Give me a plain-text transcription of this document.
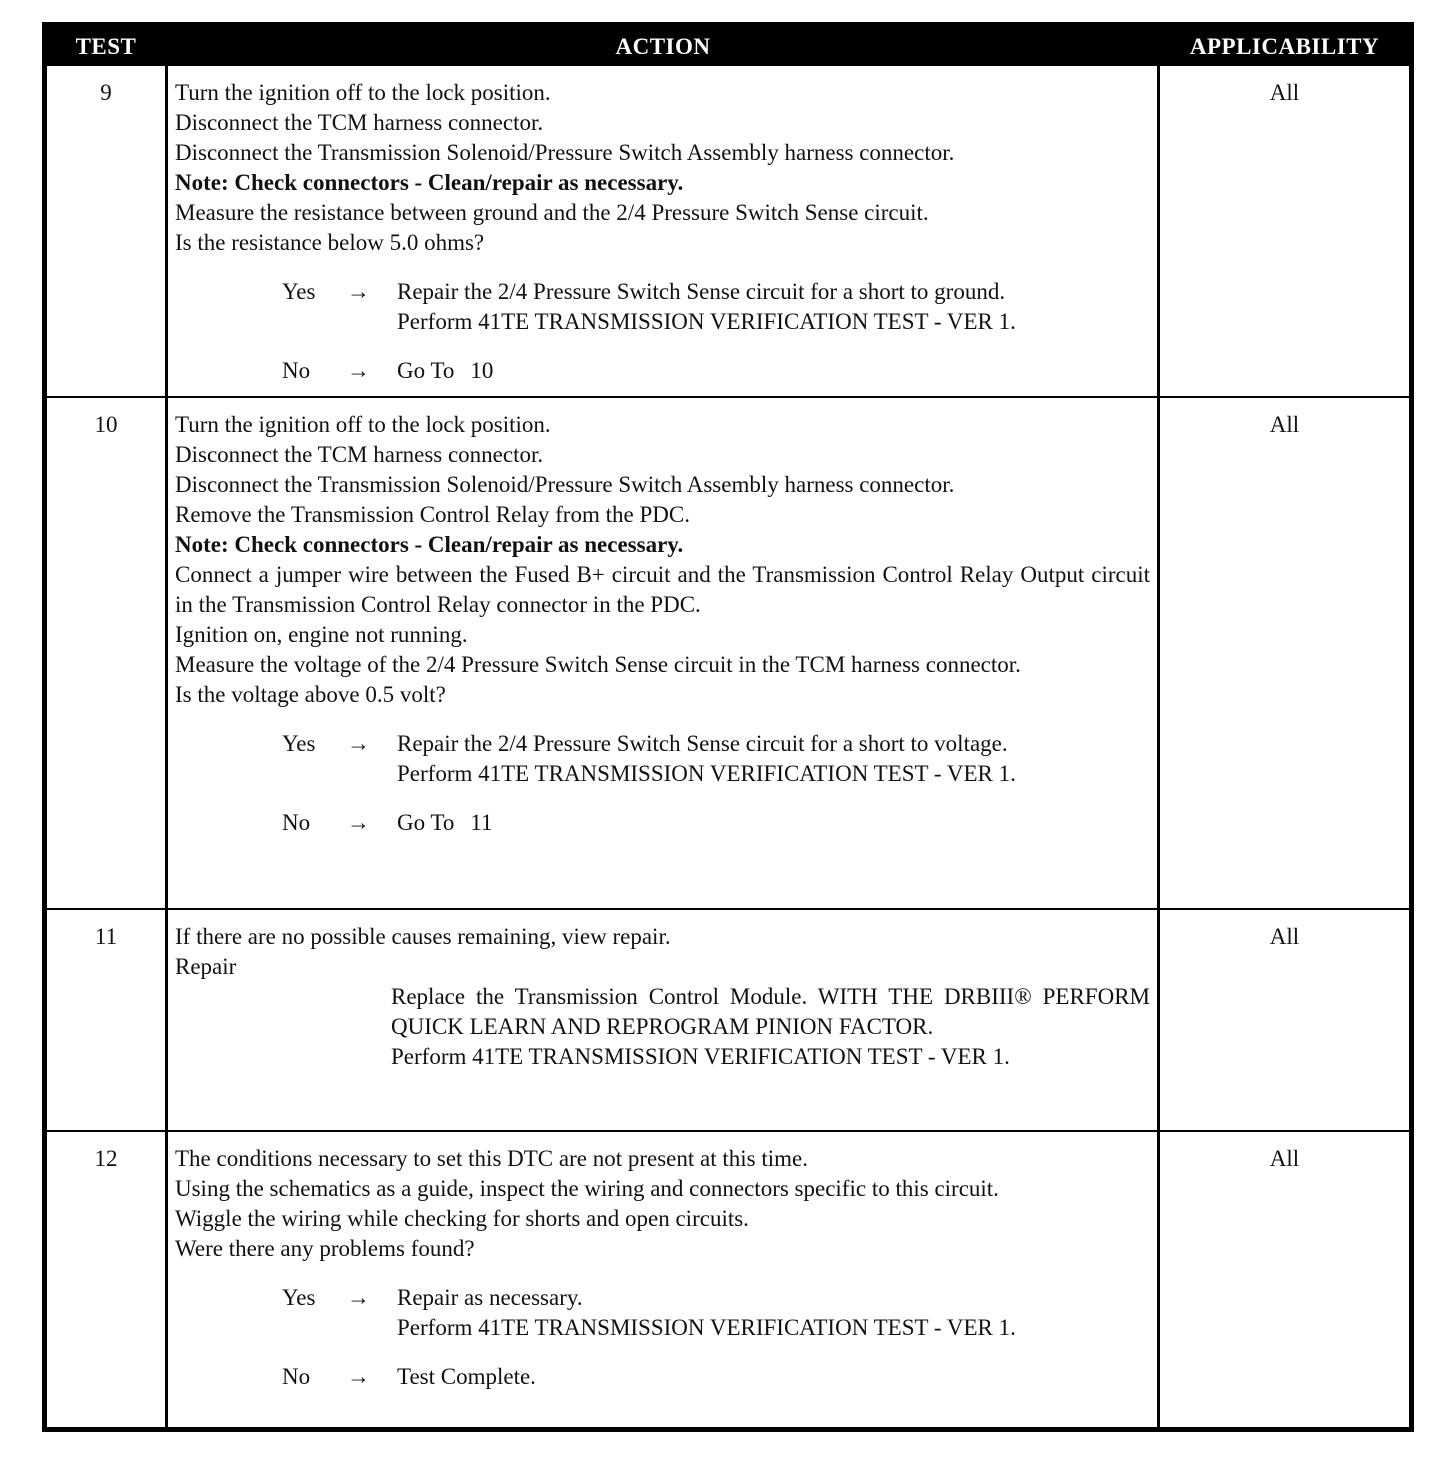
TEST	ACTION	APPLICABILITY
9	Turn the ignition off to the lock position.

Disconnect the TCM harness connector.

Disconnect the Transmission Solenoid/Pressure Switch Assembly harness connector.

Note: Check connectors - Clean/repair as necessary.

Measure the resistance between ground and the 2/4 Pressure Switch Sense circuit.

Is the resistance below 5.0 ohms?

Yes → Repair the 2/4 Pressure Switch Sense circuit for a short to ground.

Perform 41TE TRANSMISSION VERIFICATION TEST - VER 1.

No → Go To 10
All
10	Turn the ignition off to the lock position.

Disconnect the TCM harness connector.

Disconnect the Transmission Solenoid/Pressure Switch Assembly harness connector.

Remove the Transmission Control Relay from the PDC.

Note: Check connectors - Clean/repair as necessary.

Connect a jumper wire between the Fused B+ circuit and the Transmission Control Relay Output circuit in the Transmission Control Relay connector in the PDC.

Ignition on, engine not running.

Measure the voltage of the 2/4 Pressure Switch Sense circuit in the TCM harness connector.

Is the voltage above 0.5 volt?

Yes → Repair the 2/4 Pressure Switch Sense circuit for a short to voltage.

Perform 41TE TRANSMISSION VERIFICATION TEST - VER 1.

No → Go To 11
All
11	If there are no possible causes remaining, view repair.

Repair

Replace the Transmission Control Module. WITH THE DRBIII® PERFORM QUICK LEARN AND REPROGRAM PINION FACTOR.

Perform 41TE TRANSMISSION VERIFICATION TEST - VER 1.

All
12	The conditions necessary to set this DTC are not present at this time.

Using the schematics as a guide, inspect the wiring and connectors specific to this circuit.

Wiggle the wiring while checking for shorts and open circuits.

Were there any problems found?

Yes → Repair as necessary.

Perform 41TE TRANSMISSION VERIFICATION TEST - VER 1.

No → Test Complete.
All
